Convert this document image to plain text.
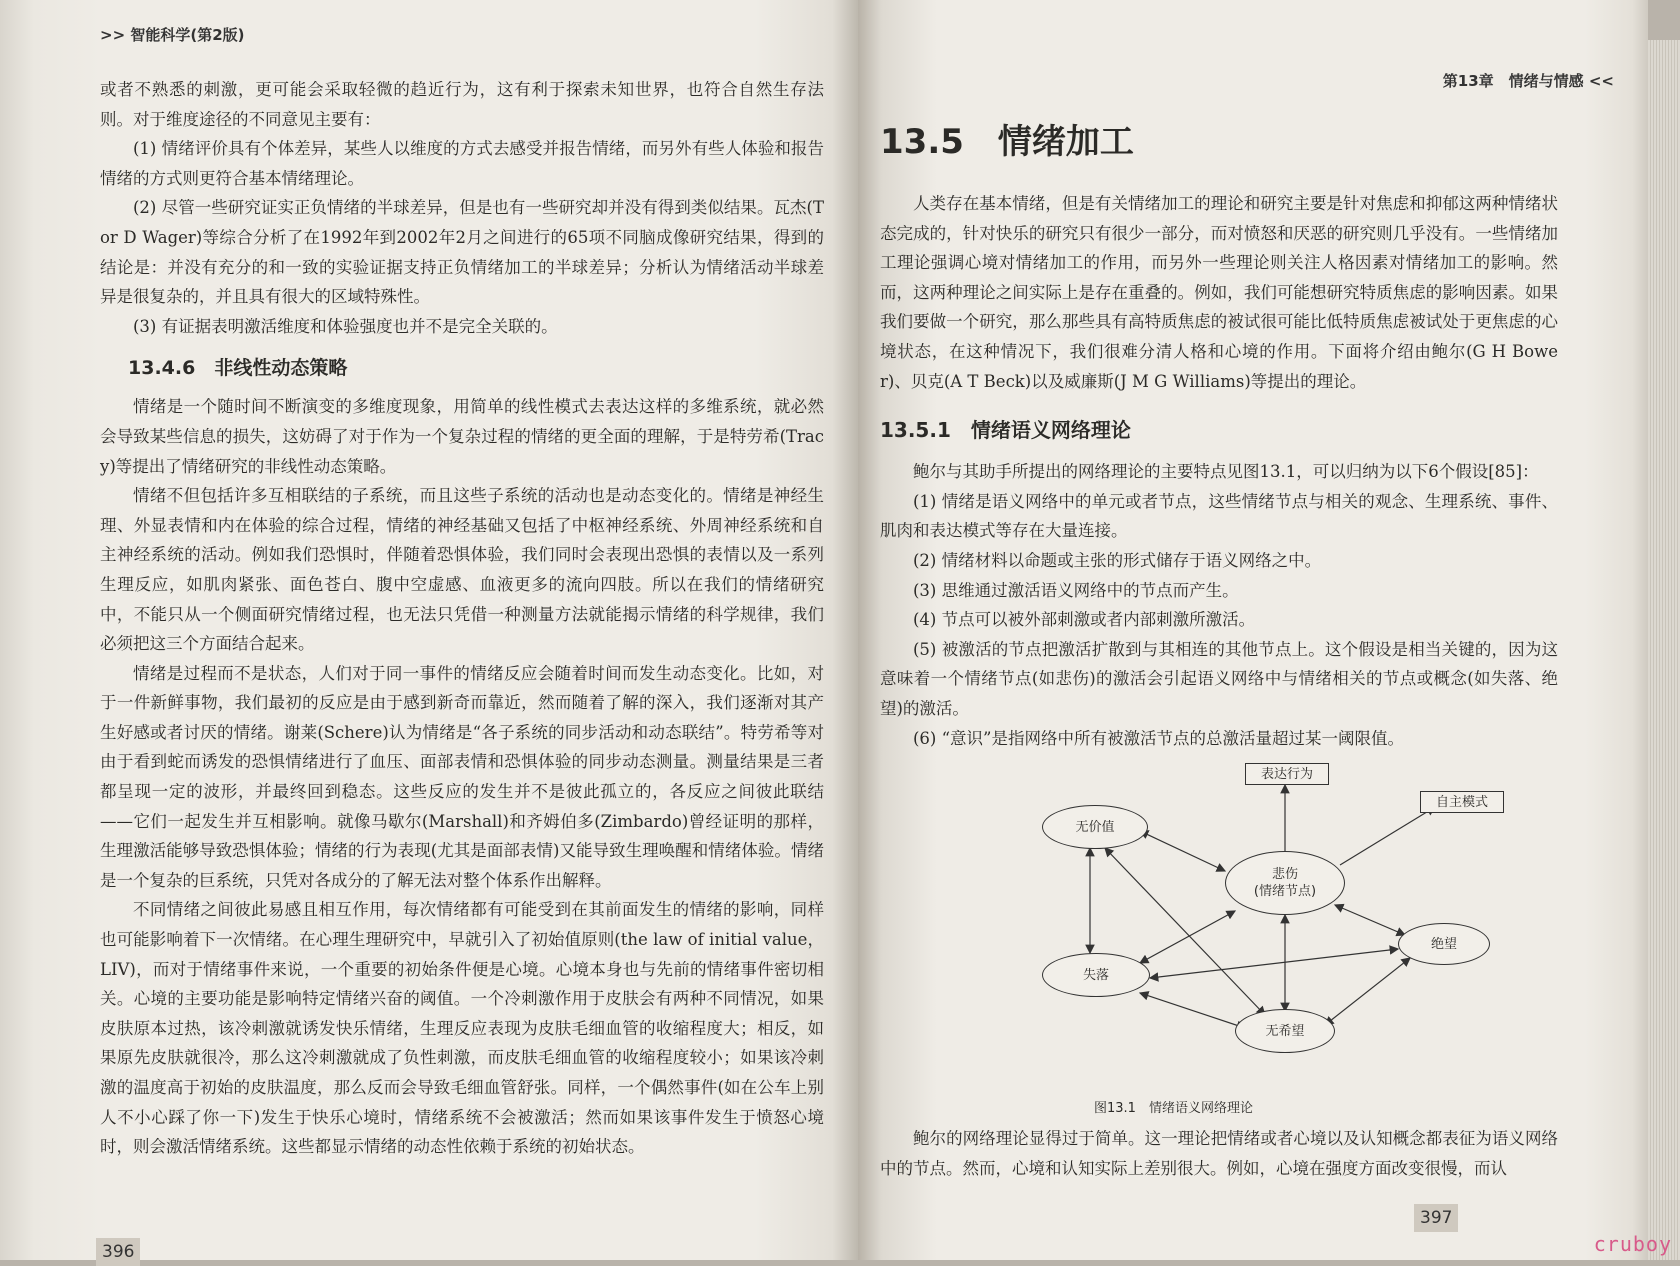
>> 智能科学(第2版)

或者不熟悉的刺激，更可能会采取轻微的趋近行为，这有利于探索未知世界，也符合自然生存法则。对于维度途径的不同意见主要有：

(1) 情绪评价具有个体差异，某些人以维度的方式去感受并报告情绪，而另外有些人体验和报告情绪的方式则更符合基本情绪理论。

(2) 尽管一些研究证实正负情绪的半球差异，但是也有一些研究却并没有得到类似结果。瓦杰(Tor D Wager)等综合分析了在1992年到2002年2月之间进行的65项不同脑成像研究结果，得到的结论是：并没有充分的和一致的实验证据支持正负情绪加工的半球差异；分析认为情绪活动半球差异是很复杂的，并且具有很大的区域特殊性。

(3) 有证据表明激活维度和体验强度也并不是完全关联的。

13.4.6　非线性动态策略

情绪是一个随时间不断演变的多维度现象，用简单的线性模式去表达这样的多维系统，就必然会导致某些信息的损失，这妨碍了对于作为一个复杂过程的情绪的更全面的理解，于是特劳希(Tracy)等提出了情绪研究的非线性动态策略。

情绪不但包括许多互相联结的子系统，而且这些子系统的活动也是动态变化的。情绪是神经生理、外显表情和内在体验的综合过程，情绪的神经基础又包括了中枢神经系统、外周神经系统和自主神经系统的活动。例如我们恐惧时，伴随着恐惧体验，我们同时会表现出恐惧的表情以及一系列生理反应，如肌肉紧张、面色苍白、腹中空虚感、血液更多的流向四肢。所以在我们的情绪研究中，不能只从一个侧面研究情绪过程，也无法只凭借一种测量方法就能揭示情绪的科学规律，我们必须把这三个方面结合起来。

情绪是过程而不是状态，人们对于同一事件的情绪反应会随着时间而发生动态变化。比如，对于一件新鲜事物，我们最初的反应是由于感到新奇而靠近，然而随着了解的深入，我们逐渐对其产生好感或者讨厌的情绪。谢莱(Schere)认为情绪是“各子系统的同步活动和动态联结”。特劳希等对由于看到蛇而诱发的恐惧情绪进行了血压、面部表情和恐惧体验的同步动态测量。测量结果是三者都呈现一定的波形，并最终回到稳态。这些反应的发生并不是彼此孤立的，各反应之间彼此联结——它们一起发生并互相影响。就像马歇尔(Marshall)和齐姆伯多(Zimbardo)曾经证明的那样，生理激活能够导致恐惧体验；情绪的行为表现(尤其是面部表情)又能导致生理唤醒和情绪体验。情绪是一个复杂的巨系统，只凭对各成分的了解无法对整个体系作出解释。

不同情绪之间彼此易感且相互作用，每次情绪都有可能受到在其前面发生的情绪的影响，同样也可能影响着下一次情绪。在心理生理研究中，早就引入了初始值原则(the law of initial value，LIV)，而对于情绪事件来说，一个重要的初始条件便是心境。心境本身也与先前的情绪事件密切相关。心境的主要功能是影响特定情绪兴奋的阈值。一个冷刺激作用于皮肤会有两种不同情况，如果皮肤原本过热，该冷刺激就诱发快乐情绪，生理反应表现为皮肤毛细血管的收缩程度大；相反，如果原先皮肤就很冷，那么这冷刺激就成了负性刺激，而皮肤毛细血管的收缩程度较小；如果该冷刺激的温度高于初始的皮肤温度，那么反而会导致毛细血管舒张。同样，一个偶然事件(如在公车上别人不小心踩了你一下)发生于快乐心境时，情绪系统不会被激活；然而如果该事件发生于愤怒心境时，则会激活情绪系统。这些都显示情绪的动态性依赖于系统的初始状态。

396
第13章　情绪与情感 <<
13.5　情绪加工

人类存在基本情绪，但是有关情绪加工的理论和研究主要是针对焦虑和抑郁这两种情绪状态完成的，针对快乐的研究只有很少一部分，而对愤怒和厌恶的研究则几乎没有。一些情绪加工理论强调心境对情绪加工的作用，而另外一些理论则关注人格因素对情绪加工的影响。然而，这两种理论之间实际上是存在重叠的。例如，我们可能想研究特质焦虑的影响因素。如果我们要做一个研究，那么那些具有高特质焦虑的被试很可能比低特质焦虑被试处于更焦虑的心境状态，在这种情况下，我们很难分清人格和心境的作用。下面将介绍由鲍尔(G H Bower)、贝克(A T Beck)以及威廉斯(J M G Williams)等提出的理论。

13.5.1　情绪语义网络理论

鲍尔与其助手所提出的网络理论的主要特点见图13.1，可以归纳为以下6个假设[85]：

(1) 情绪是语义网络中的单元或者节点，这些情绪节点与相关的观念、生理系统、事件、肌肉和表达模式等存在大量连接。

(2) 情绪材料以命题或主张的形式储存于语义网络之中。

(3) 思维通过激活语义网络中的节点而产生。

(4) 节点可以被外部刺激或者内部刺激所激活。

(5) 被激活的节点把激活扩散到与其相连的其他节点上。这个假设是相当关键的，因为这意味着一个情绪节点(如悲伤)的激活会引起语义网络中与情绪相关的节点或概念(如失落、绝望)的激活。

(6) “意识”是指网络中所有被激活节点的总激活量超过某一阈限值。

表达行为
自主模式
无价值
悲伤
(情绪节点)
绝望
失落
无希望
图13.1　情绪语义网络理论

鲍尔的网络理论显得过于简单。这一理论把情绪或者心境以及认知概念都表征为语义网络中的节点。然而，心境和认知实际上差别很大。例如，心境在强度方面改变很慢，而认

397
cruboy
